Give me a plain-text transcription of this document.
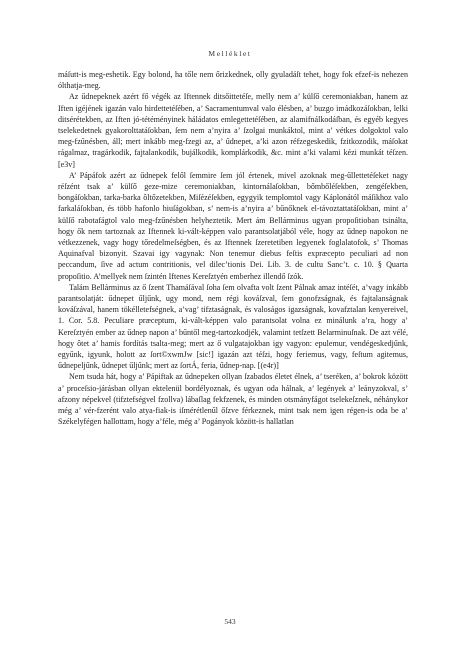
Melléklet

máſutt-is meg-eshetik. Egy bolond, ha tőle nem őrizkednek, olly gyuladáſt tehet, hogy fok efzef-is nehezen ólthatja-meg.

Az űdnepeknek azért fő végék az Iftennek ditsőittetéſe, melly nem a’ külſő ceremoniakban, hanem az Iften igéjének igazán valo hirdettetéſében, a’ Sacramentumval valo élésben, a’ buzgo imádkozáſokban, lelki ditsérétekben, az Iften jó-tétéményinek háládatos emlegettetéſében, az alamifnálkodáſban, és egyéb kegyes tselekedetnek gyakorolttatáſokban, ſem nem a’nyira a’ ſzolgai munkáktol, mint a’ vétkes dolgoktol valo meg-fzűnésben, áll; mert inkább meg-fzegi az, a’ űdnepet, a’ki azon réfzegeskedik, fzitkozodik, máſokat rágalmaz, tragárkodik, fajtalankodik, bujálkodik, komplárkodik, &c. mint a’ki valami kézi munkát téſzen. [e3v]

A’ Pápáfok azért az űdnepek felől ſemmire ſem jól értenek, mivel azoknak meg-űllettetéſeket nagy réſzént tsak a’ külſő geze-mize ceremoniakban, kintornálaſokban, bőmbőléſekben, zengéſekben, bongáſokban, tarka-barka ôltőzetekben, Miſézéſekben, egygyik templomtol vagy Káplonától máſikhoz valo farkaláſokban, és több hafonlo hiuſágokban, s’ nem-is a’nyira a’ bűnőknek el-távoztattatáſokban, mint a’ külſő rabotafágtol valo meg-fzűnésben helyheztetik. Mert ám Bellárminus ugyan propoſitioban tsinálta, hogy ők nem tartoznak az Iftennek ki-vált-képpen valo parantsolatjából véle, hogy az űdnep napokon ne vétkezzenek, vagy hogy tőredelmeſségben, és az Iftennek ſzeretetiben legyenek foglalatofok, s’ Thomas Aquinafval bizonyit. Szavai igy vagynak: Non tenemur diebus feſtis expræcepto peculiari ad non peccandum, ſive ad actum contritionis, vel dilecʼtionis Dei. Lib. 3. de cultu Sancʼt. c. 10. § Quarta propoſitio. A’mellyek nem ſzintén Iftenes Kereſztyén emberhez illendő ſzók.

Talám Bellárminus az ő ſzent Thamáſával ſoha ſem olvafta volt ſzent Pálnak amaz intéſét, a’vagy inkább parantsolatját: űdnepet űljűnk, ugy mond, nem régi kováſzval, ſem gonofzságnak, és fajtalanságnak kováſzával, hanem tökélletefségnek, a’vag’ tifztaságnak, és valoságos igazságnak, kovafztalan kenyereivel, 1. Cor. 5.8. Peculiare præceptum, ki-vált-képpen valo parantsolat volna ez minálunk a’ra, hogy a’ Kereſztyén ember az űdnep napon a’ bűntől meg-tartozkodjék, valamint tetſzett Belarminuſnak. De azt vélé, hogy ôtet a’ hamis fordítás tsalta-meg; mert az ő vulgatajokban igy vagyon: epulemur, vendégeskedjűnk, egyűnk, igyunk, holott az ſort©xwmJw [sic!] igazán azt téſzi, hogy feriemus, vagy, feſtum agitemus, űdnepeljűnk, űdnepet űljűnk; mert az ſortÁ, feria, űdnep-nap. [(e4r)]

Nem tsuda hát, hogy a’ Pápiftak az űdnepeken ollyan ſzabados életet élnek, a’ tseréken, a’ bokrok között a’ proceſsio-járásban ollyan ektelenül bordélyoznak, és ugyan oda hálnak, a’ legények a’ leányzokval, s’ afzony népekvel (tifztefségvel fzollva) lábaſlag fekfzenek, és minden otsmányfágot tselekeſznek, néhánykor még a’ vér-fzerént valo atya-fiak-is iſmérétlenűl őſzve férkeznek, mint tsak nem igen régen-is oda be a’ Székelyfégen hallottam, hogy a’féle, még a’ Pogányok között-is hallatlan

543
